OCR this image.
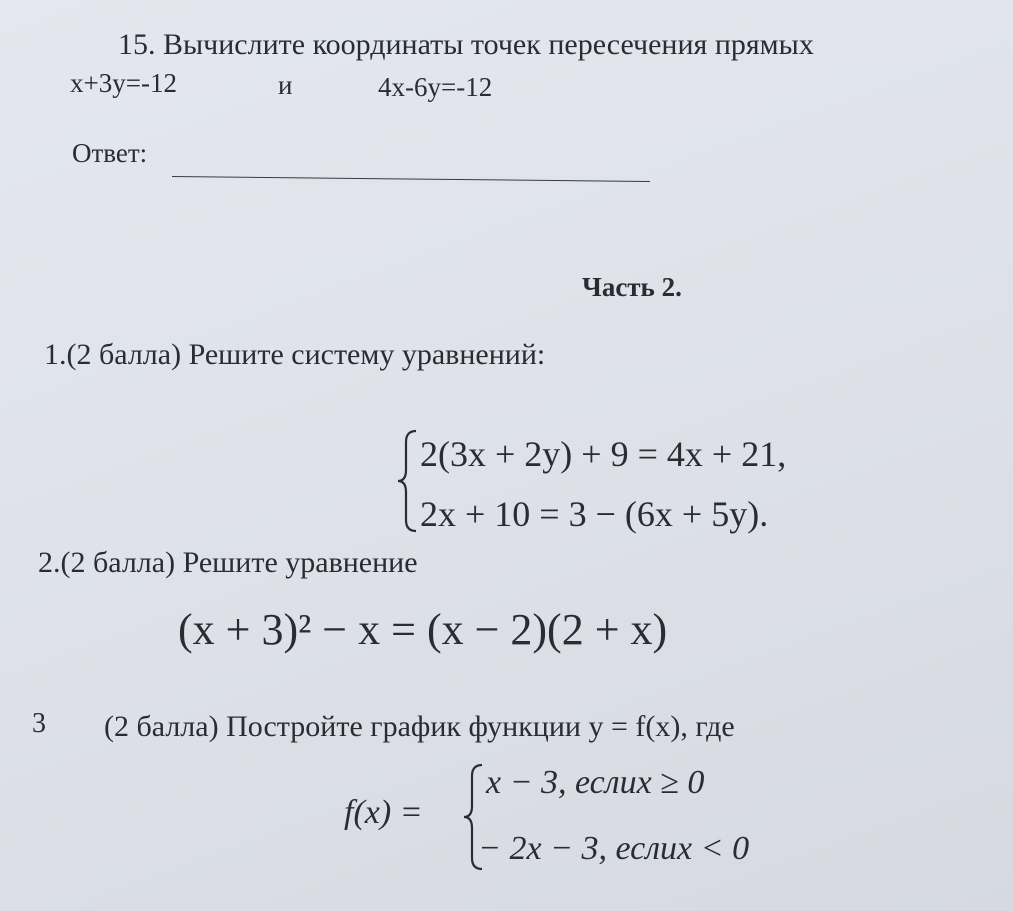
15. Вычислите координаты точек пересечения прямых
x+3y=-12	и	4x-6y=-12
Ответ:
Часть 2.
1.(2 балла) Решите систему уравнений:
2(3x + 2y) + 9 = 4x + 21,
2x + 10 = 3 − (6x + 5y).
2.(2 балла) Решите уравнение
(x + 3)² − x = (x − 2)(2 + x)
3 (2 балла) Постройте график функции y = f(x), где
f(x) =
x − 3, еслих ≥ 0
− 2x − 3, еслих < 0
